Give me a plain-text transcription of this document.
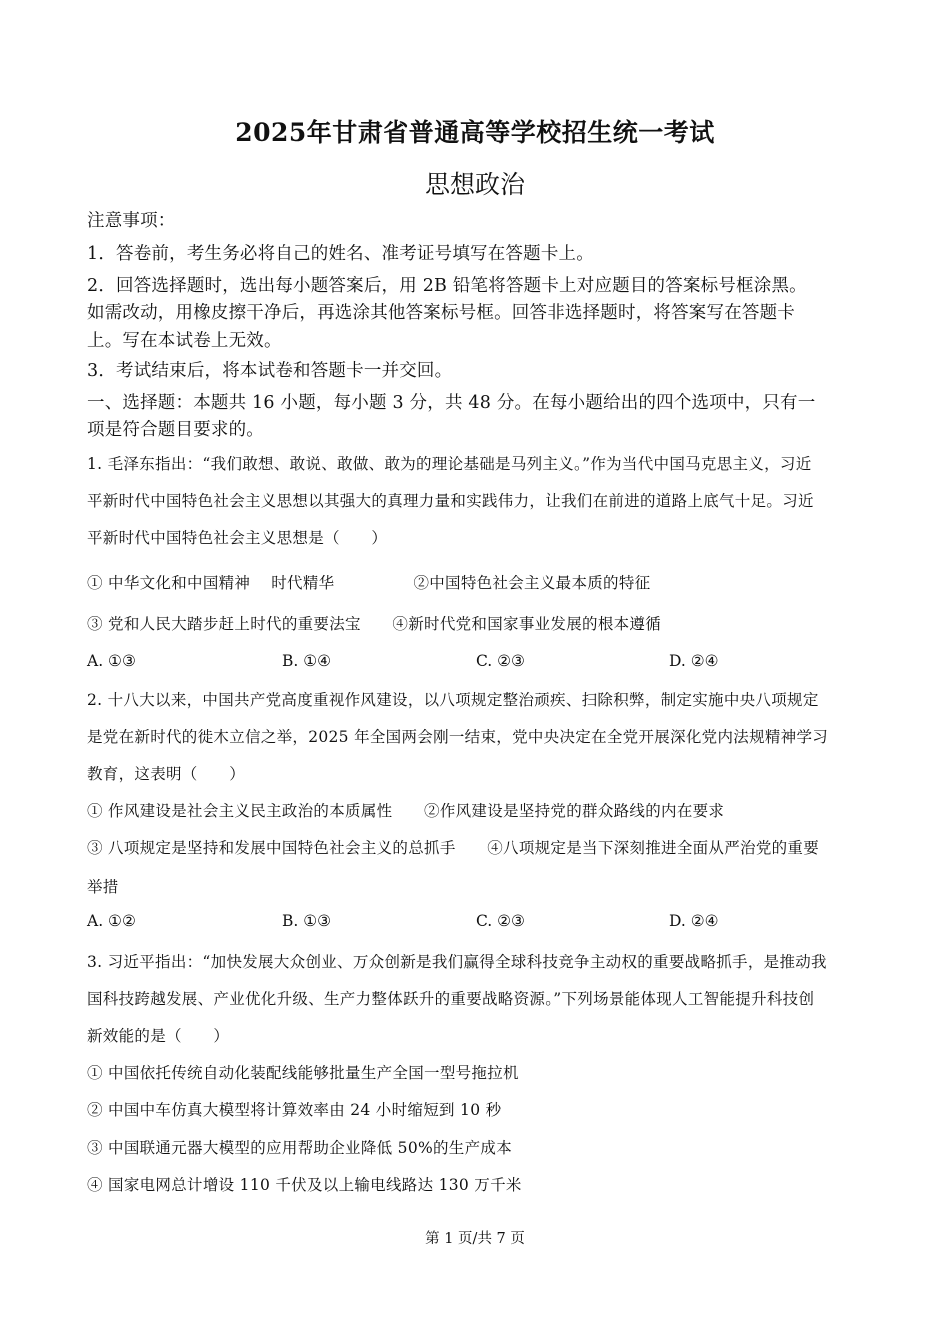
2025年甘肃省普通高等学校招生统一考试
思想政治
注意事项：
1．答卷前，考生务必将自己的姓名、准考证号填写在答题卡上。
2．回答选择题时，选出每小题答案后，用 2B 铅笔将答题卡上对应题目的答案标号框涂黑。
如需改动，用橡皮擦干净后，再选涂其他答案标号框。回答非选择题时，将答案写在答题卡
上。写在本试卷上无效。
3．考试结束后，将本试卷和答题卡一并交回。
一、选择题：本题共 16 小题，每小题 3 分，共 48 分。在每小题给出的四个选项中，只有一
项是符合题目要求的。
1. 毛泽东指出：“我们敢想、敢说、敢做、敢为的理论基础是马列主义。”作为当代中国马克思主义，习近
平新时代中国特色社会主义思想以其强大的真理力量和实践伟力，让我们在前进的道路上底气十足。习近
平新时代中国特色社会主义思想是（　　）
① 中华文化和中国精神　 时代精华　　　　　②中国特色社会主义最本质的特征
③ 党和人民大踏步赶上时代的重要法宝　　④新时代党和国家事业发展的根本遵循
A. ①③	B. ①④	C. ②③	D. ②④
2. 十八大以来，中国共产党高度重视作风建设，以八项规定整治顽疾、扫除积弊，制定实施中央八项规定
是党在新时代的徙木立信之举，2025 年全国两会刚一结束，党中央决定在全党开展深化党内法规精神学习
教育，这表明（　　）
① 作风建设是社会主义民主政治的本质属性　　②作风建设是坚持党的群众路线的内在要求
③ 八项规定是坚持和发展中国特色社会主义的总抓手　　④八项规定是当下深刻推进全面从严治党的重要
举措
A. ①②	B. ①③	C. ②③	D. ②④
3. 习近平指出：“加快发展大众创业、万众创新是我们赢得全球科技竞争主动权的重要战略抓手，是推动我
国科技跨越发展、产业优化升级、生产力整体跃升的重要战略资源。”下列场景能体现人工智能提升科技创
新效能的是（　　）
① 中国依托传统自动化装配线能够批量生产全国一型号拖拉机
② 中国中车仿真大模型将计算效率由 24 小时缩短到 10 秒
③ 中国联通元器大模型的应用帮助企业降低 50%的生产成本
④ 国家电网总计增设 110 千伏及以上输电线路达 130 万千米
第 1 页/共 7 页
